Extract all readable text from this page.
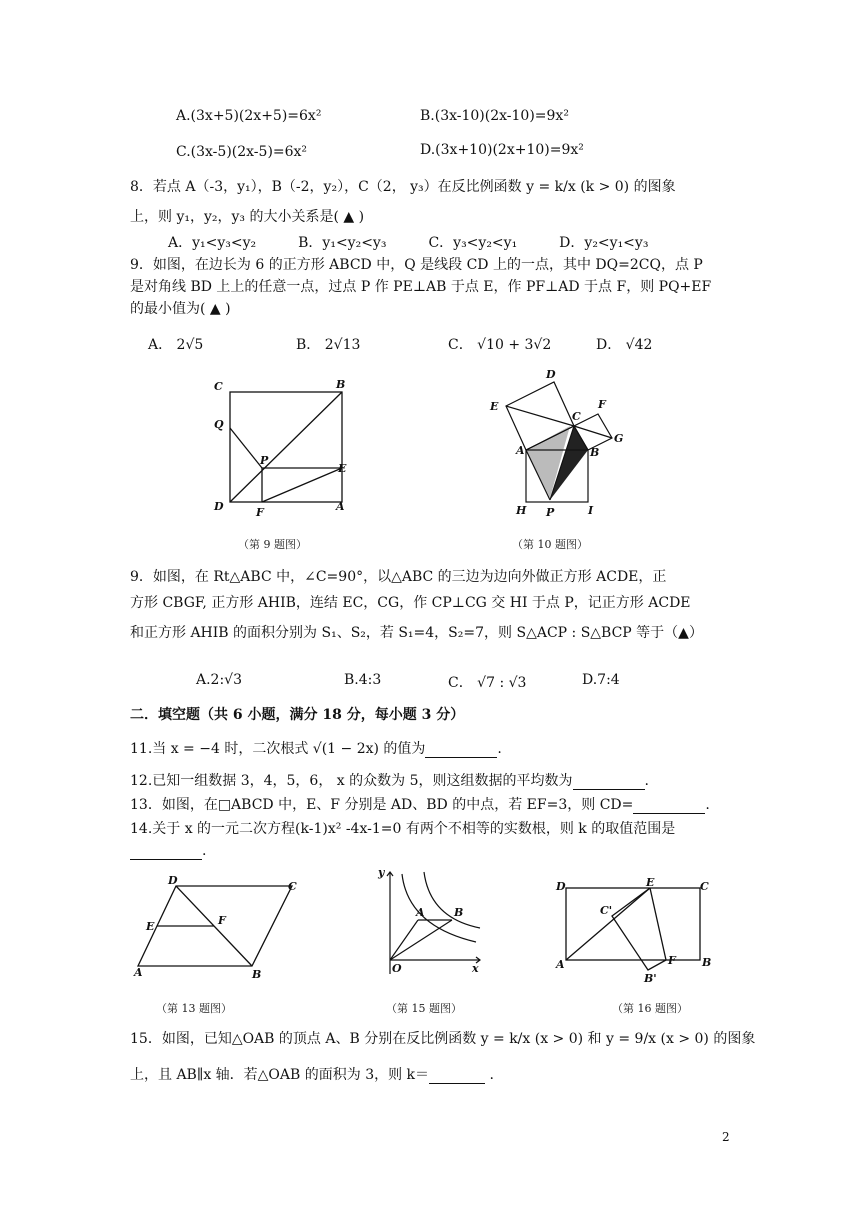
A.(3x+5)(2x+5)=6x²	B.(3x-10)(2x-10)=9x²
C.(3x-5)(2x-5)=6x²	D.(3x+10)(2x+10)=9x²
8．若点 A（-3，y₁），B（-2，y₂），C（2， y₃）在反比例函数 y = k/x (k > 0) 的图象
上，则 y₁，y₂，y₃ 的大小关系是( ▲ )
A．y₁<y₃<y₂　　　B．y₁<y₂<y₃　　　C．y₃<y₂<y₁　　　D．y₂<y₁<y₃
9．如图，在边长为 6 的正方形 ABCD 中，Q 是线段 CD 上的一点，其中 DQ=2CQ，点 P
是对角线 BD 上上的任意一点，过点 P 作 PE⊥AB 于点 E，作 PF⊥AD 于点 F，则 PQ+EF
的最小值为( ▲ )
A． 2√5	B． 2√13	C． √10 + 3√2	D． √42
C	B
Q
P
E
D	F	A
（第 9 题图）
D
E
C
F
G
A	B
H P	I
（第 10 题图）
9．如图，在 Rt△ABC 中，∠C=90°，以△ABC 的三边为边向外做正方形 ACDE，正
方形 CBGF, 正方形 AHIB，连结 EC，CG，作 CP⊥CG 交 HI 于点 P，记正方形 ACDE
和正方形 AHIB 的面积分别为 S₁、S₂，若 S₁=4，S₂=7，则 S△ACP : S△BCP 等于（▲）
A.2:√3	B.4:3	C． √7 : √3	D.7:4
二．填空题（共 6 小题，满分 18 分，每小题 3 分）
11.当 x = −4 时，二次根式 √(1 − 2x) 的值为	.
12.已知一组数据 3，4，5，6， x 的众数为 5，则这组数据的平均数为	.
13．如图，在□ABCD 中，E、F 分别是 AD、BD 的中点，若 EF=3，则 CD=	.
14.关于 x 的一元二次方程(k-1)x² -4x-1=0 有两个不相等的实数根，则 k 的取值范围是
.
D	C
E	F
A	B
（第 13 题图）
y
A	B
O	x
（第 15 题图）
D	E	C
C'
A	F B
B'
（第 16 题图）
15．如图，已知△OAB 的顶点 A、B 分别在反比例函数 y = k/x (x > 0) 和 y = 9/x (x > 0) 的图象
上，且 AB∥x 轴．若△OAB 的面积为 3，则 k＝	.
2
